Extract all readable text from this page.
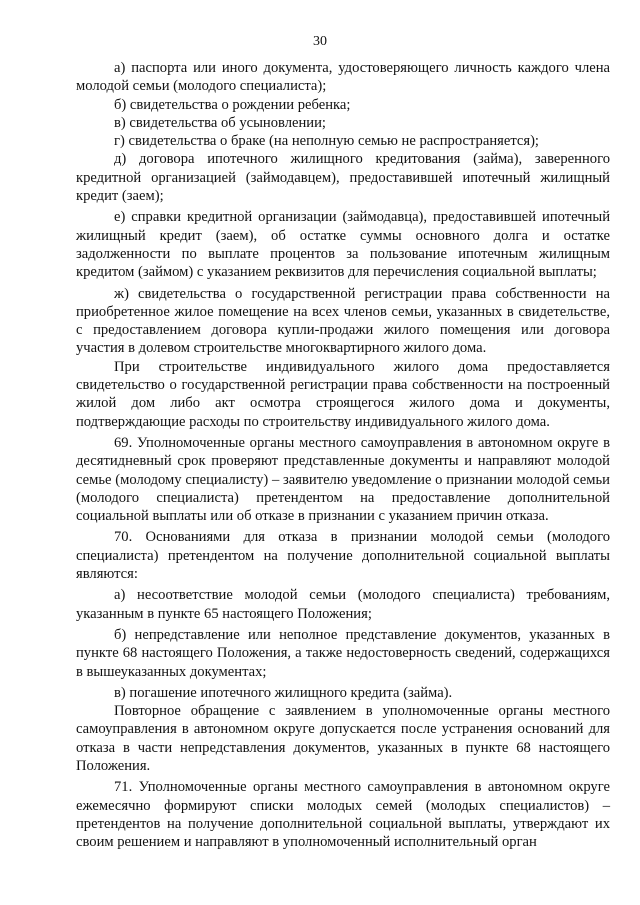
30

а) паспорта или иного документа, удостоверяющего личность каждого члена молодой семьи (молодого специалиста);

б) свидетельства о рождении ребенка;

в) свидетельства об усыновлении;

г) свидетельства о браке (на неполную семью не распространяется);

д) договора ипотечного жилищного кредитования (займа), заверенного кредитной организацией (займодавцем), предоставившей ипотечный жилищный кредит (заем);

е) справки кредитной организации (займодавца), предоставившей ипотечный жилищный кредит (заем), об остатке суммы основного долга и остатке задолженности по выплате процентов за пользование ипотечным жилищным кредитом (займом) с указанием реквизитов для перечисления социальной выплаты;

ж) свидетельства о государственной регистрации права собственности на приобретенное жилое помещение на всех членов семьи, указанных в свидетельстве, с предоставлением договора купли-продажи жилого помещения или договора участия в долевом строительстве многоквартирного жилого дома.

При строительстве индивидуального жилого дома предоставляется свидетельство о государственной регистрации права собственности на построенный жилой дом либо акт осмотра строящегося жилого дома и документы, подтверждающие расходы по строительству индивидуального жилого дома.

69. Уполномоченные органы местного самоуправления в автономном округе в десятидневный срок проверяют представленные документы и направляют молодой семье (молодому специалисту) – заявителю уведомление о признании молодой семьи (молодого специалиста) претендентом на предоставление дополнительной социальной выплаты или об отказе в признании с указанием причин отказа.

70. Основаниями для отказа в признании молодой семьи (молодого специалиста) претендентом на получение дополнительной социальной выплаты являются:

а) несоответствие молодой семьи (молодого специалиста) требованиям, указанным в пункте 65 настоящего Положения;

б) непредставление или неполное представление документов, указанных в пункте 68 настоящего Положения, а также недостоверность сведений, содержащихся в вышеуказанных документах;

в) погашение ипотечного жилищного кредита (займа).

Повторное обращение с заявлением в уполномоченные органы местного самоуправления в автономном округе допускается после устранения оснований для отказа в части непредставления документов, указанных в пункте 68 настоящего Положения.

71. Уполномоченные органы местного самоуправления в автономном округе ежемесячно формируют списки молодых семей (молодых специалистов) – претендентов на получение дополнительной социальной выплаты, утверждают их своим решением и направляют в уполномоченный исполнительный орган
